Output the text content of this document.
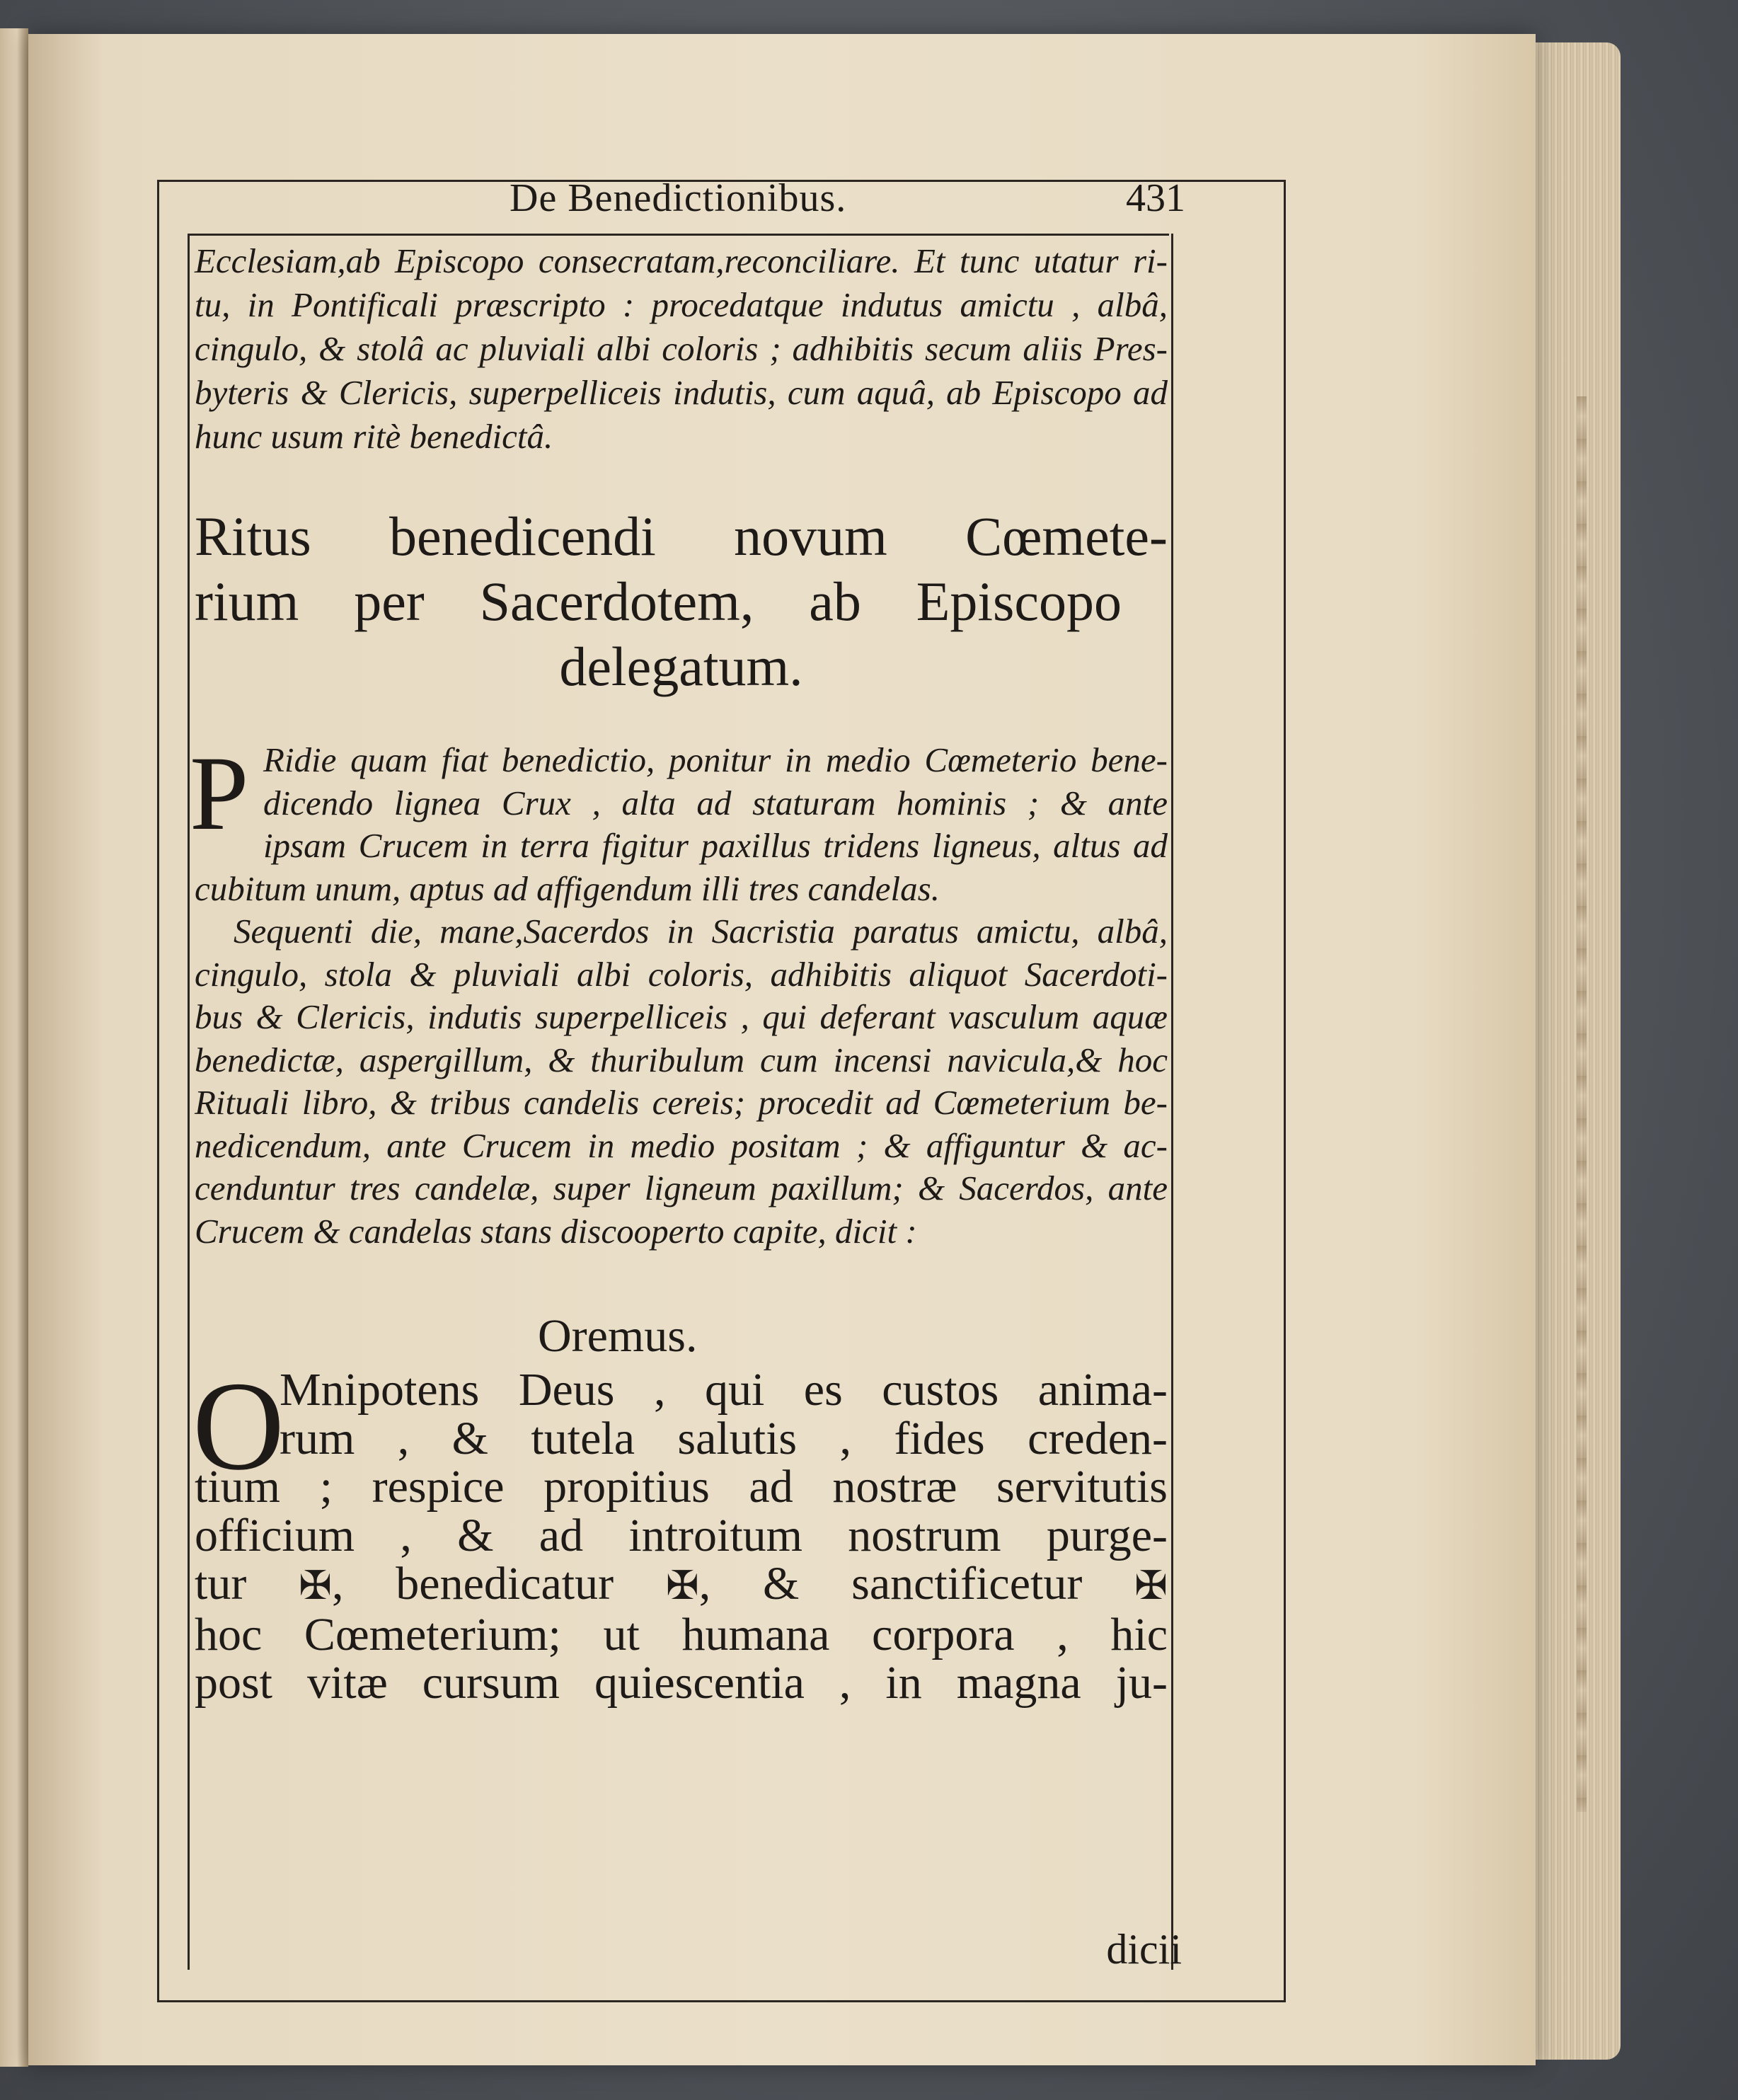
De Benedictionibus.	431
Ecclesiam,ab Episcopo consecratam,reconciliare. Et tunc utatur ri-
tu, in Pontificali præscripto : procedatque indutus amictu , albâ,
cingulo, & stolâ ac pluviali albi coloris ; adhibitis secum aliis Pres-
byteris & Clericis, superpelliceis indutis, cum aquâ, ab Episcopo ad
hunc usum ritè benedictâ.
Ritus benedicendi novum Cœmete-
rium per Sacerdotem, ab Episcopo
delegatum.
P Ridie quam fiat benedictio, ponitur in medio Cœmeterio bene-
dicendo lignea Crux , alta ad staturam hominis ; & ante
ipsam Crucem in terra figitur paxillus tridens ligneus, altus ad
cubitum unum, aptus ad affigendum illi tres candelas.
Sequenti die, mane,Sacerdos in Sacristia paratus amictu, albâ,
cingulo, stola & pluviali albi coloris, adhibitis aliquot Sacerdoti-
bus & Clericis, indutis superpelliceis , qui deferant vasculum aquæ
benedictæ, aspergillum, & thuribulum cum incensi navicula,& hoc
Rituali libro, & tribus candelis cereis; procedit ad Cœmeterium be-
nedicendum, ante Crucem in medio positam ; & affiguntur & ac-
cenduntur tres candelæ, super ligneum paxillum; & Sacerdos, ante
Crucem & candelas stans discooperto capite, dicit :
Oremus.
O
Mnipotens Deus , qui es custos anima-
rum , & tutela salutis , fides creden-
tium ; respice propitius ad nostræ servitutis
officium , & ad introitum nostrum purge-
tur ✠, benedicatur ✠, & sanctificetur ✠
hoc Cœmeterium; ut humana corpora , hic
post vitæ cursum quiescentia , in magna ju-
dicii
